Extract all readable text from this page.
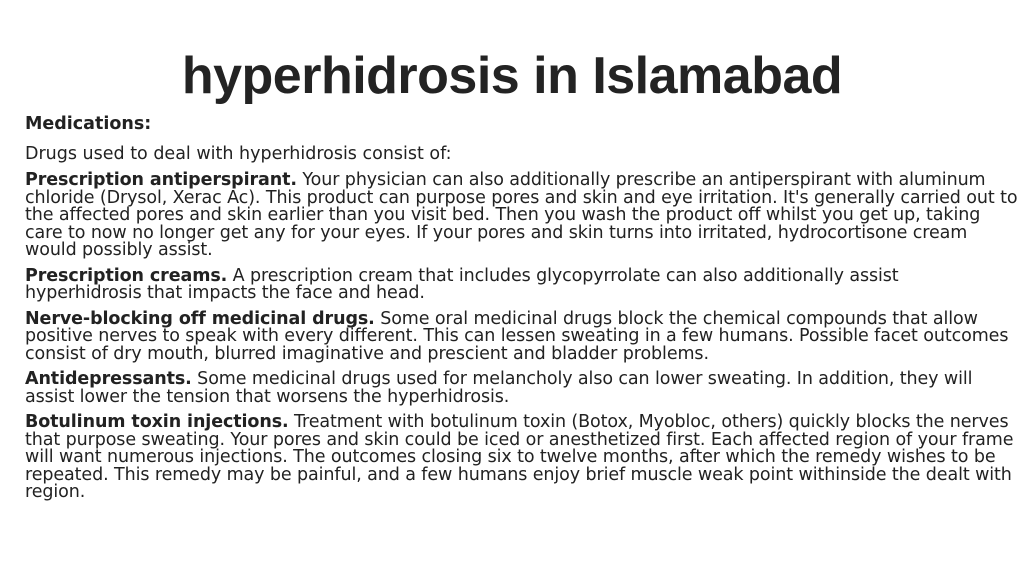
hyperhidrosis in Islamabad
Medications:
Drugs used to deal with hyperhidrosis consist of:
Prescription antiperspirant. Your physician can also additionally prescribe an antiperspirant with aluminum chloride (Drysol, Xerac Ac). This product can purpose pores and skin and eye irritation. It's generally carried out to the affected pores and skin earlier than you visit bed. Then you wash the product off whilst you get up, taking care to now no longer get any for your eyes. If your pores and skin turns into irritated, hydrocortisone cream would possibly assist.
Prescription creams. A prescription cream that includes glycopyrrolate can also additionally assist hyperhidrosis that impacts the face and head.
Nerve-blocking off medicinal drugs. Some oral medicinal drugs block the chemical compounds that allow positive nerves to speak with every different. This can lessen sweating in a few humans. Possible facet outcomes consist of dry mouth, blurred imaginative and prescient and bladder problems.
Antidepressants. Some medicinal drugs used for melancholy also can lower sweating. In addition, they will assist lower the tension that worsens the hyperhidrosis.
Botulinum toxin injections. Treatment with botulinum toxin (Botox, Myobloc, others) quickly blocks the nerves that purpose sweating. Your pores and skin could be iced or anesthetized first. Each affected region of your frame will want numerous injections. The outcomes closing six to twelve months, after which the remedy wishes to be repeated. This remedy may be painful, and a few humans enjoy brief muscle weak point withinside the dealt with region.
